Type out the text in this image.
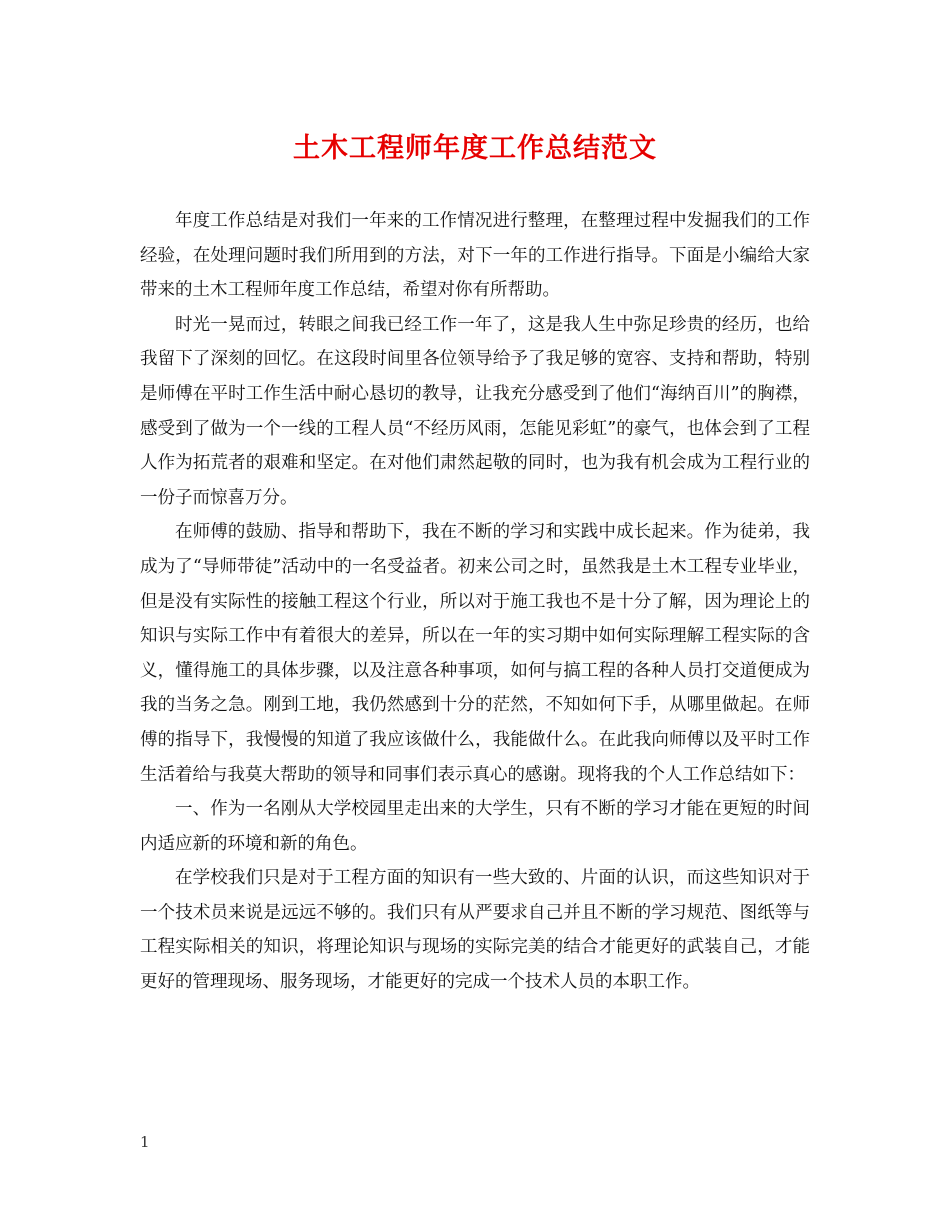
土木工程师年度工作总结范文

年度工作总结是对我们一年来的工作情况进行整理，在整理过程中发掘我们的工作经验，在处理问题时我们所用到的方法，对下一年的工作进行指导。下面是小编给大家带来的土木工程师年度工作总结，希望对你有所帮助。

时光一晃而过，转眼之间我已经工作一年了，这是我人生中弥足珍贵的经历，也给我留下了深刻的回忆。在这段时间里各位领导给予了我足够的宽容、支持和帮助，特别是师傅在平时工作生活中耐心恳切的教导，让我充分感受到了他们“海纳百川”的胸襟，感受到了做为一个一线的工程人员“不经历风雨，怎能见彩虹”的豪气，也体会到了工程人作为拓荒者的艰难和坚定。在对他们肃然起敬的同时，也为我有机会成为工程行业的一份子而惊喜万分。

在师傅的鼓励、指导和帮助下，我在不断的学习和实践中成长起来。作为徒弟，我成为了“导师带徒”活动中的一名受益者。初来公司之时，虽然我是土木工程专业毕业，但是没有实际性的接触工程这个行业，所以对于施工我也不是十分了解，因为理论上的知识与实际工作中有着很大的差异，所以在一年的实习期中如何实际理解工程实际的含义，懂得施工的具体步骤，以及注意各种事项，如何与搞工程的各种人员打交道便成为我的当务之急。刚到工地，我仍然感到十分的茫然，不知如何下手，从哪里做起。在师傅的指导下，我慢慢的知道了我应该做什么，我能做什么。在此我向师傅以及平时工作生活着给与我莫大帮助的领导和同事们表示真心的感谢。现将我的个人工作总结如下：

一、作为一名刚从大学校园里走出来的大学生，只有不断的学习才能在更短的时间内适应新的环境和新的角色。

在学校我们只是对于工程方面的知识有一些大致的、片面的认识，而这些知识对于一个技术员来说是远远不够的。我们只有从严要求自己并且不断的学习规范、图纸等与工程实际相关的知识，将理论知识与现场的实际完美的结合才能更好的武装自己，才能更好的管理现场、服务现场，才能更好的完成一个技术人员的本职工作。

1
